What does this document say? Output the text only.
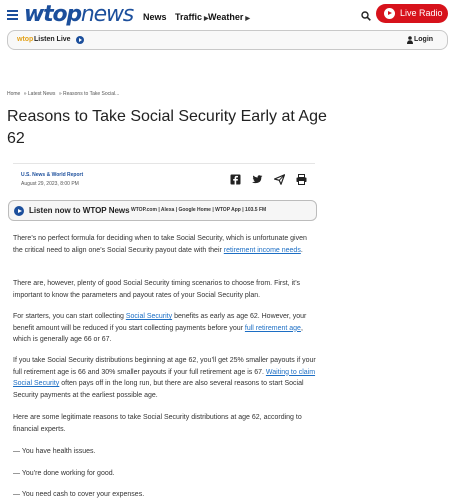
wtopnews News Traffic ▶ Weather ▶
Live Radio
wtop Listen Live	Login
Home » Latest News » Reasons to Take Social...
Reasons to Take Social Security Early at Age 62
U.S. News & World Report
August 29, 2023, 8:00 PM
Listen now to WTOP News WTOP.com | Alexa | Google Home | WTOP App | 103.5 FM

There’s no perfect formula for deciding when to take Social Security, which is unfortunate given the critical need to align one’s Social Security payout date with their retirement income needs.

There are, however, plenty of good Social Security timing scenarios to choose from. First, it’s important to know the parameters and payout rates of your Social Security plan.

For starters, you can start collecting Social Security benefits as early as age 62. However, your benefit amount will be reduced if you start collecting payments before your full retirement age, which is generally age 66 or 67.

If you take Social Security distributions beginning at age 62, you’ll get 25% smaller payouts if your full retirement age is 66 and 30% smaller payouts if your full retirement age is 67. Waiting to claim Social Security often pays off in the long run, but there are also several reasons to start Social Security payments at the earliest possible age.

Here are some legitimate reasons to take Social Security distributions at age 62, according to financial experts.

— You have health issues.

— You’re done working for good.

— You need cash to cover your expenses.
